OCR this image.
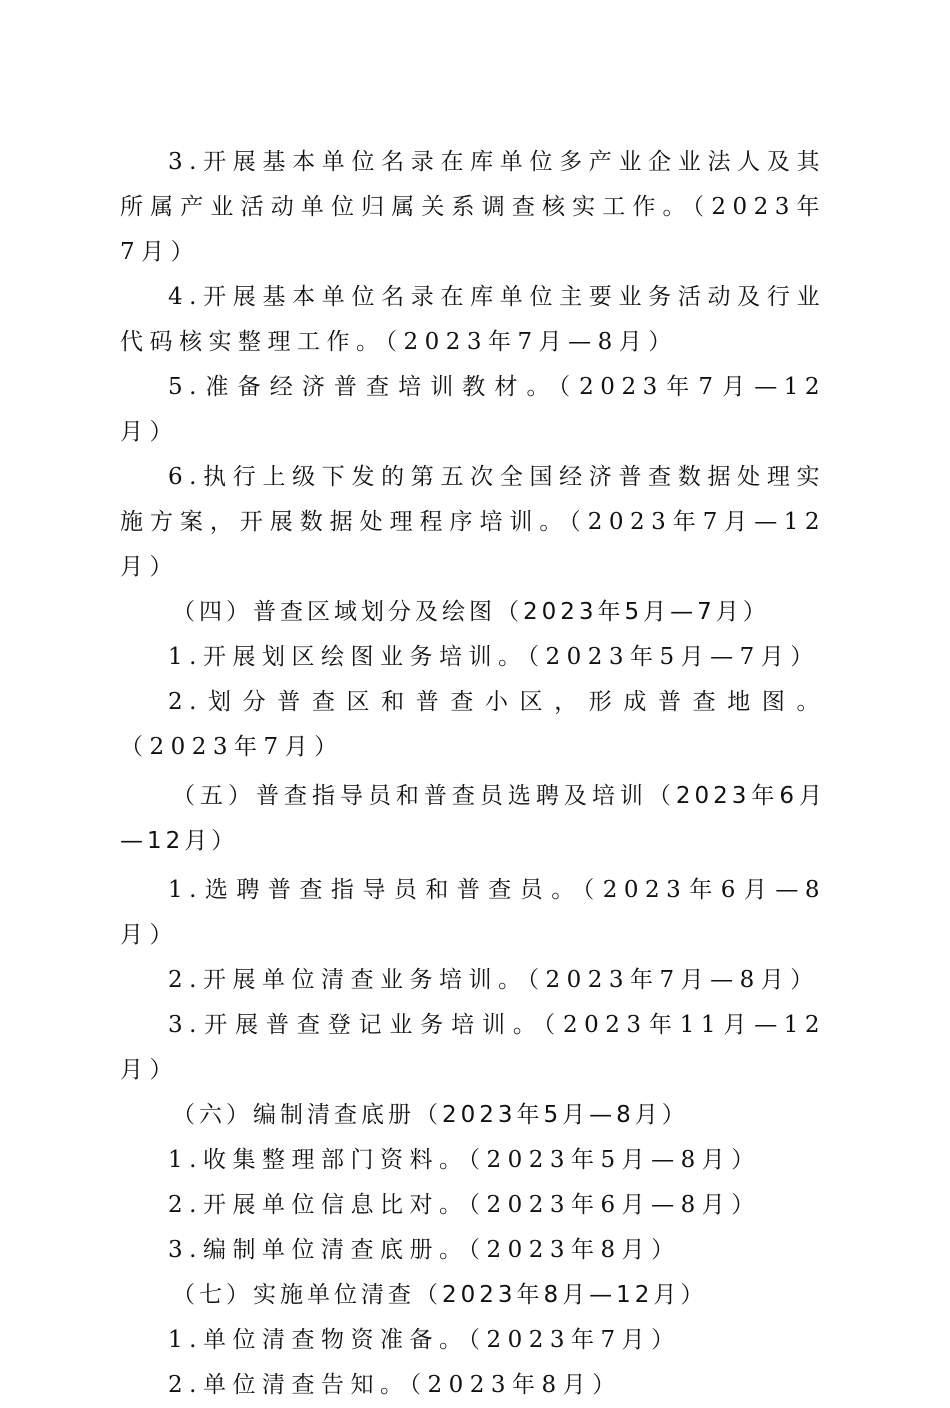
3.开展基本单位名录在库单位多产业企业法人及其所属产业活动单位归属关系调查核实工作。（2023年7月）

4.开展基本单位名录在库单位主要业务活动及行业代码核实整理工作。（2023年7月—8月）

5.准备经济普查培训教材。（2023年7月—12月）

6.执行上级下发的第五次全国经济普查数据处理实施方案，开展数据处理程序培训。（2023年7月—12月）

（四）普查区域划分及绘图（2023年5月—7月）

1.开展划区绘图业务培训。（2023年5月—7月）

2.划分普查区和普查小区，形成普查地图。（2023年7月）

（五）普查指导员和普查员选聘及培训（2023年6月—12月）

1.选聘普查指导员和普查员。（2023年6月—8月）

2.开展单位清查业务培训。（2023年7月—8月）

3.开展普查登记业务培训。（2023年11月—12月）

（六）编制清查底册（2023年5月—8月）

1.收集整理部门资料。（2023年5月—8月）

2.开展单位信息比对。（2023年6月—8月）

3.编制单位清查底册。（2023年8月）

（七）实施单位清查（2023年8月—12月）

1.单位清查物资准备。（2023年7月）

2.单位清查告知。（2023年8月）
